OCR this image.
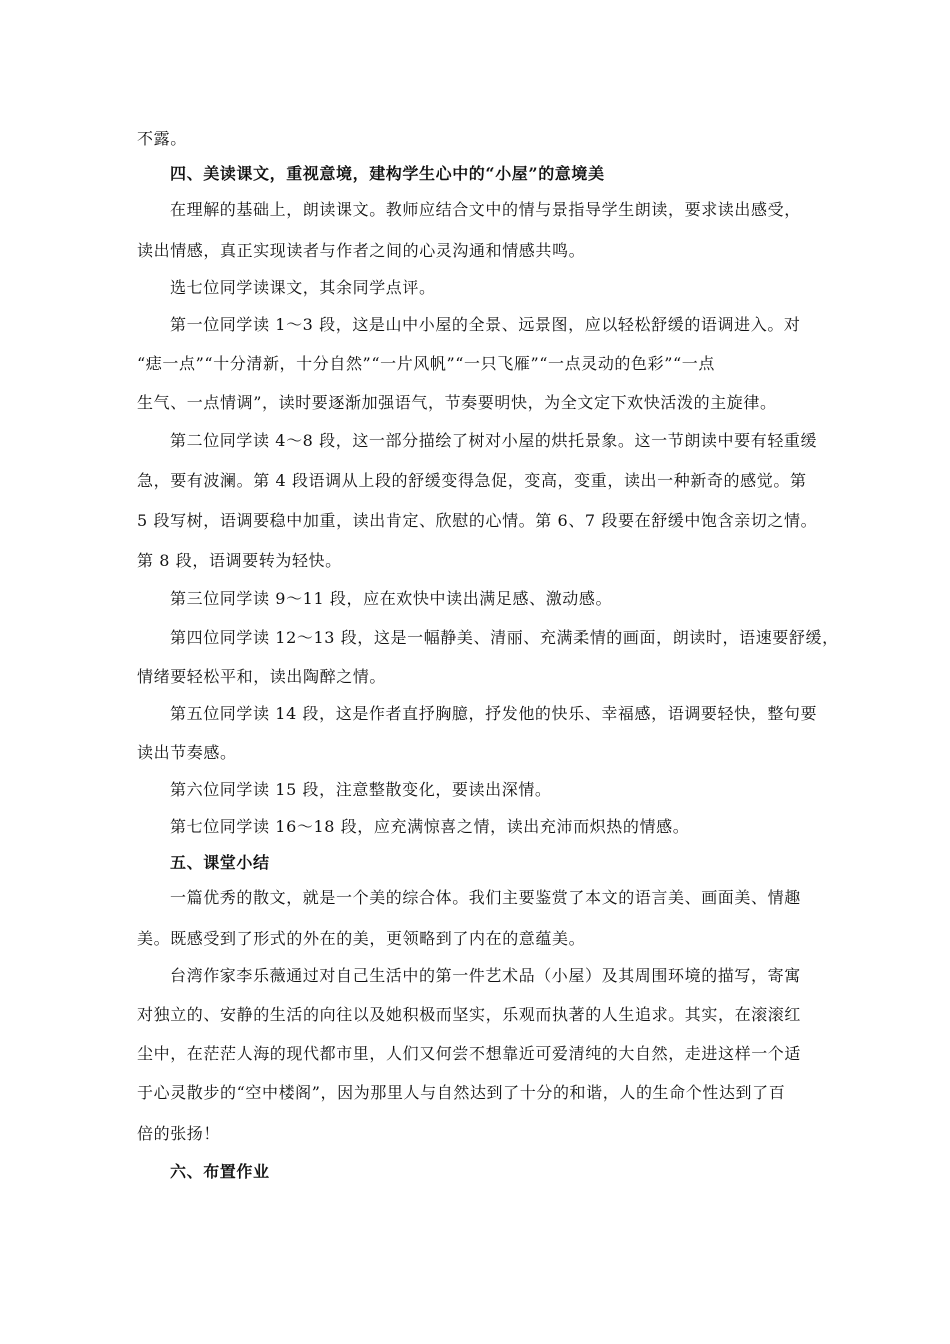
不露。
四、美读课文，重视意境，建构学生心中的“小屋”的意境美
在理解的基础上，朗读课文。教师应结合文中的情与景指导学生朗读，要求读出感受，
读出情感，真正实现读者与作者之间的心灵沟通和情感共鸣。
选七位同学读课文，其余同学点评。
第一位同学读 1～3 段，这是山中小屋的全景、远景图，应以轻松舒缓的语调进入。对
“痣一点”“十分清新，十分自然”“一片风帆”“一只飞雁”“一点灵动的色彩”“一点
生气、一点情调”，读时要逐渐加强语气，节奏要明快，为全文定下欢快活泼的主旋律。
第二位同学读 4～8 段，这一部分描绘了树对小屋的烘托景象。这一节朗读中要有轻重缓
急，要有波澜。第 4 段语调从上段的舒缓变得急促，变高，变重，读出一种新奇的感觉。第
5 段写树，语调要稳中加重，读出肯定、欣慰的心情。第 6、7 段要在舒缓中饱含亲切之情。
第 8 段，语调要转为轻快。
第三位同学读 9～11 段，应在欢快中读出满足感、激动感。
第四位同学读 12～13 段，这是一幅静美、清丽、充满柔情的画面，朗读时，语速要舒缓，
情绪要轻松平和，读出陶醉之情。
第五位同学读 14 段，这是作者直抒胸臆，抒发他的快乐、幸福感，语调要轻快，整句要
读出节奏感。
第六位同学读 15 段，注意整散变化，要读出深情。
第七位同学读 16～18 段，应充满惊喜之情，读出充沛而炽热的情感。
五、课堂小结
一篇优秀的散文，就是一个美的综合体。我们主要鉴赏了本文的语言美、画面美、情趣
美。既感受到了形式的外在的美，更领略到了内在的意蕴美。
台湾作家李乐薇通过对自己生活中的第一件艺术品（小屋）及其周围环境的描写，寄寓
对独立的、安静的生活的向往以及她积极而坚实，乐观而执著的人生追求。其实，在滚滚红
尘中，在茫茫人海的现代都市里，人们又何尝不想靠近可爱清纯的大自然，走进这样一个适
于心灵散步的“空中楼阁”，因为那里人与自然达到了十分的和谐，人的生命个性达到了百
倍的张扬！
六、布置作业
